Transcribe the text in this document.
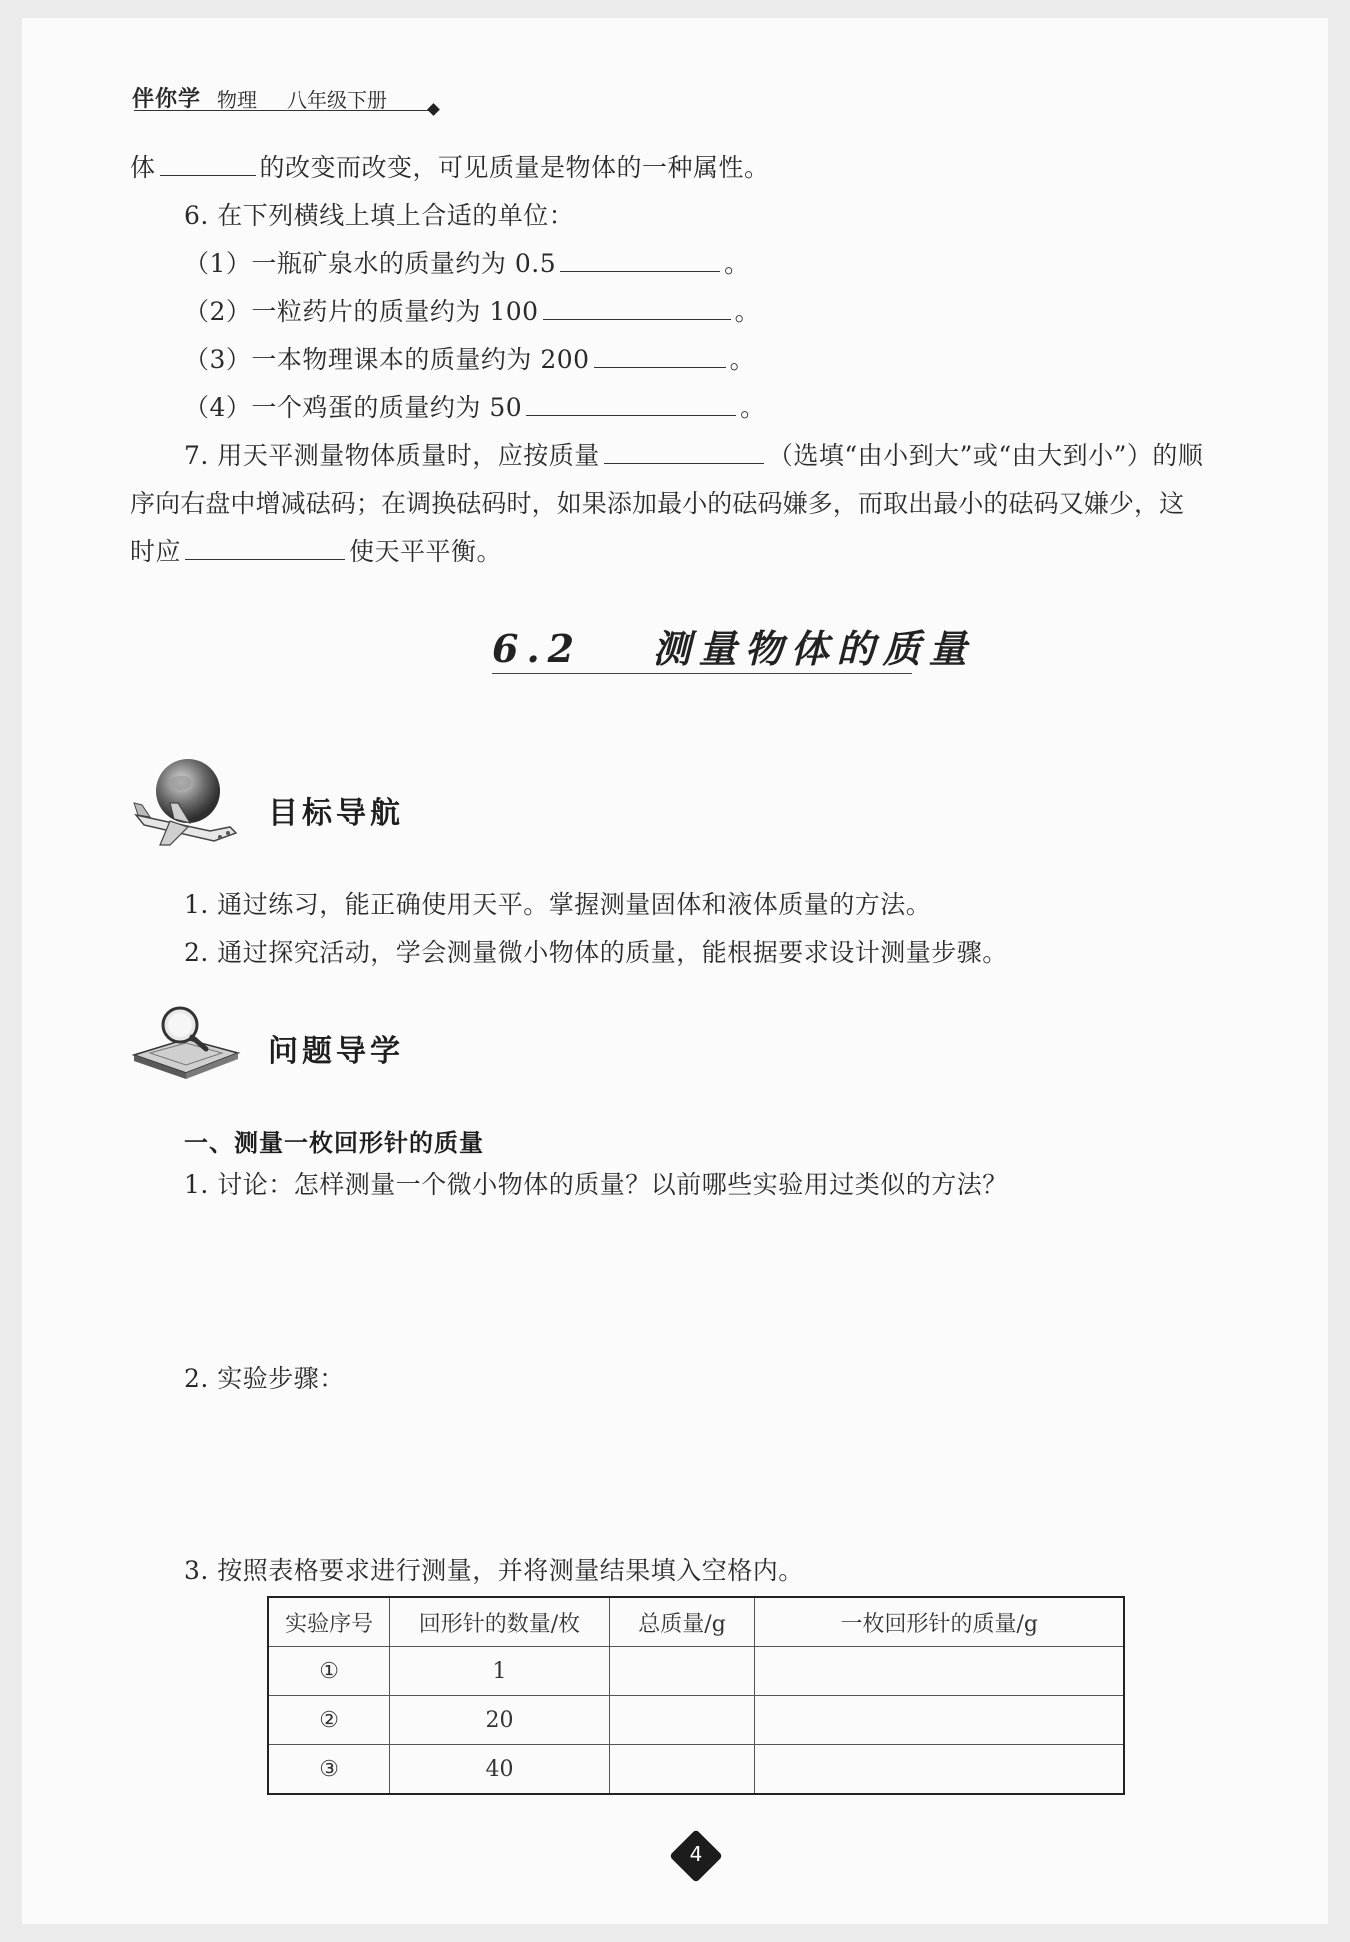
伴你学 物理 八年级下册
体	的改变而改变，可见质量是物体的一种属性。
6. 在下列横线上填上合适的单位：
（1）一瓶矿泉水的质量约为 0.5	。
（2）一粒药片的质量约为 100	。
（3）一本物理课本的质量约为 200	。
（4）一个鸡蛋的质量约为 50	。
7. 用天平测量物体质量时，应按质量	（选填“由小到大”或“由大到小”）的顺
序向右盘中增减砝码；在调换砝码时，如果添加最小的砝码嫌多，而取出最小的砝码又嫌少，这
时应	使天平平衡。
6.2 测量物体的质量
目标导航
1. 通过练习，能正确使用天平。掌握测量固体和液体质量的方法。
2. 通过探究活动，学会测量微小物体的质量，能根据要求设计测量步骤。
问题导学
一、测量一枚回形针的质量
1. 讨论：怎样测量一个微小物体的质量？以前哪些实验用过类似的方法？
2. 实验步骤：
3. 按照表格要求进行测量，并将测量结果填入空格内。
实验序号	回形针的数量/枚	总质量/g	一枚回形针的质量/g
①	1		
②	20		
③	40		
4
